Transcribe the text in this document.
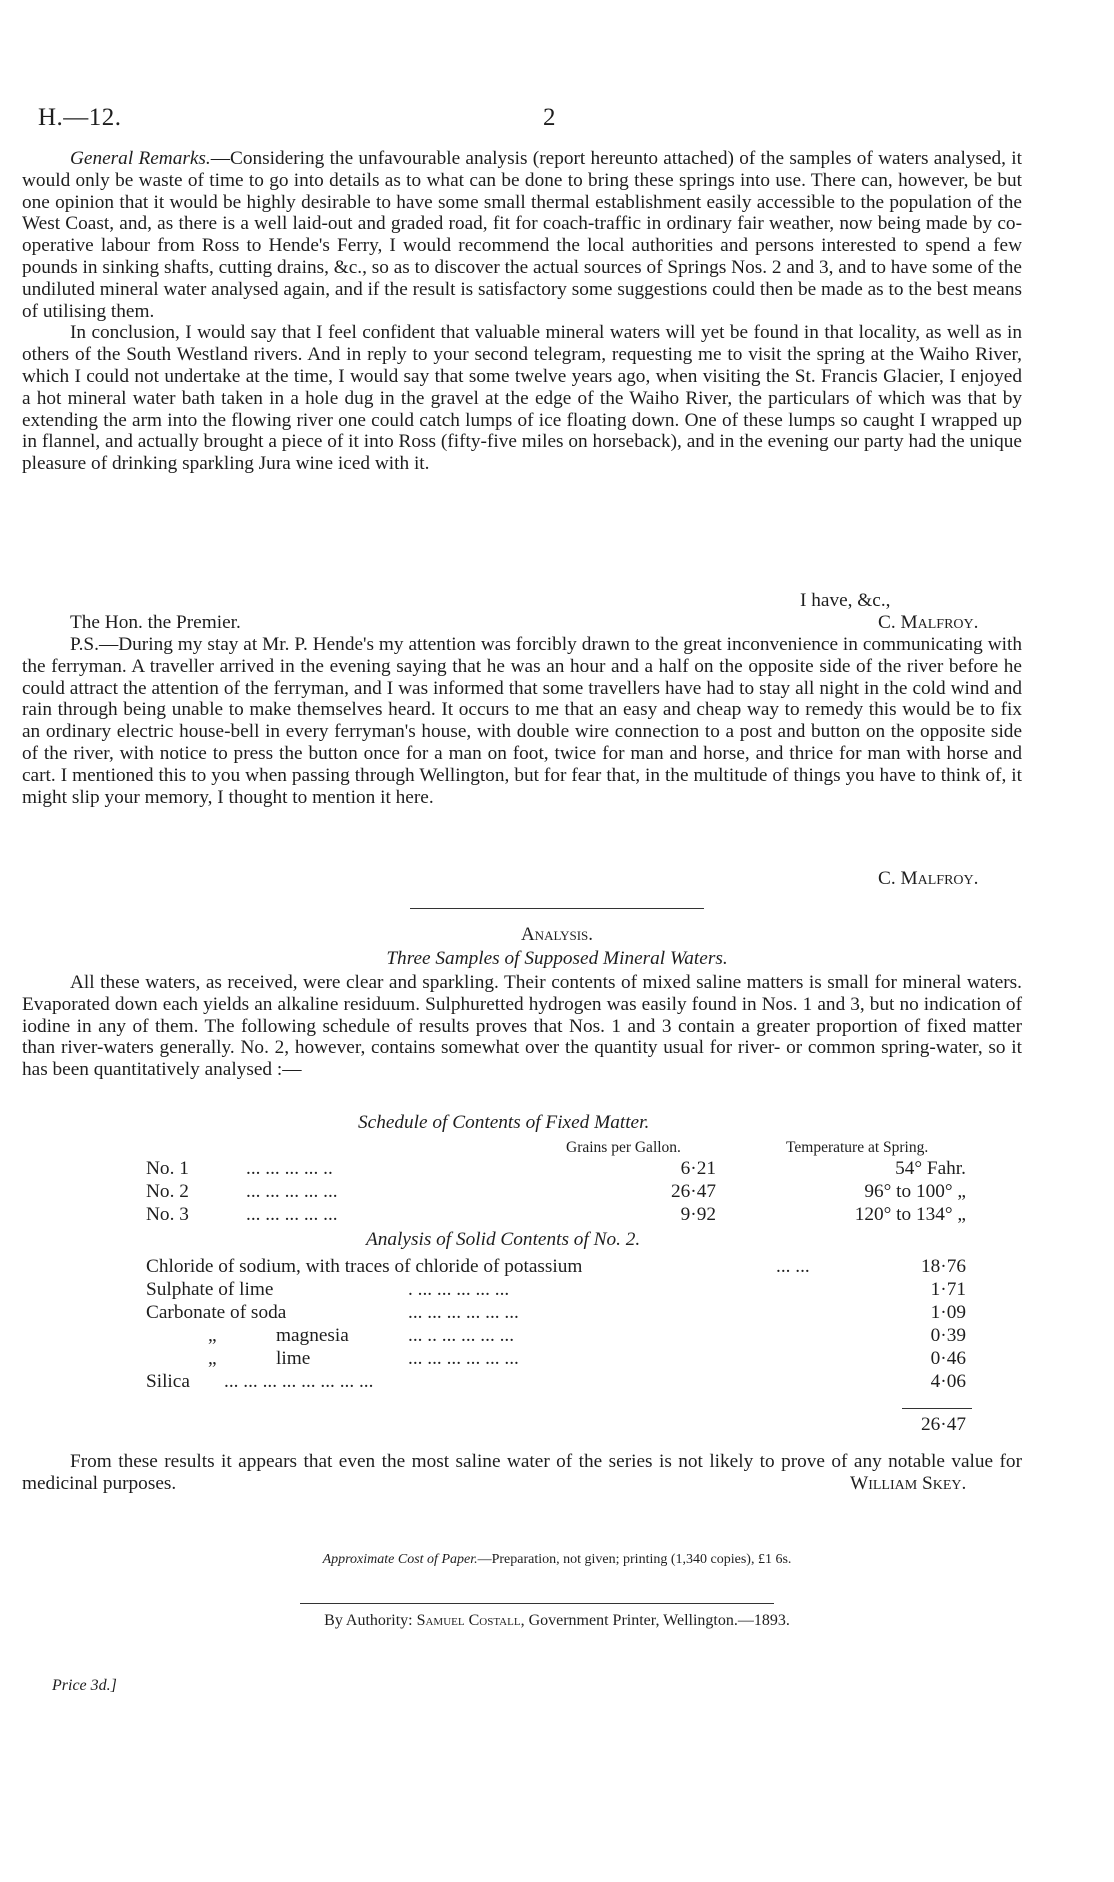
H.—12.	2

General Remarks.—Considering the unfavourable analysis (report hereunto attached) of the samples of waters analysed, it would only be waste of time to go into details as to what can be done to bring these springs into use. There can, however, be but one opinion that it would be highly desirable to have some small thermal establishment easily accessible to the population of the West Coast, and, as there is a well laid-out and graded road, fit for coach-traffic in ordinary fair weather, now being made by co-operative labour from Ross to Hende's Ferry, I would recommend the local authorities and persons interested to spend a few pounds in sinking shafts, cutting drains, &c., so as to discover the actual sources of Springs Nos. 2 and 3, and to have some of the undiluted mineral water analysed again, and if the result is satisfactory some suggestions could then be made as to the best means of utilising them.

In conclusion, I would say that I feel confident that valuable mineral waters will yet be found in that locality, as well as in others of the South Westland rivers. And in reply to your second telegram, requesting me to visit the spring at the Waiho River, which I could not undertake at the time, I would say that some twelve years ago, when visiting the St. Francis Glacier, I enjoyed a hot mineral water bath taken in a hole dug in the gravel at the edge of the Waiho River, the particulars of which was that by extending the arm into the flowing river one could catch lumps of ice floating down. One of these lumps so caught I wrapped up in flannel, and actually brought a piece of it into Ross (fifty-five miles on horseback), and in the evening our party had the unique pleasure of drinking sparkling Jura wine iced with it.

I have, &c.,
The Hon. the Premier.	C. Malfroy.

P.S.—During my stay at Mr. P. Hende's my attention was forcibly drawn to the great inconvenience in communicating with the ferryman. A traveller arrived in the evening saying that he was an hour and a half on the opposite side of the river before he could attract the attention of the ferryman, and I was informed that some travellers have had to stay all night in the cold wind and rain through being unable to make themselves heard. It occurs to me that an easy and cheap way to remedy this would be to fix an ordinary electric house-bell in every ferryman's house, with double wire connection to a post and button on the opposite side of the river, with notice to press the button once for a man on foot, twice for man and horse, and thrice for man with horse and cart. I mentioned this to you when passing through Wellington, but for fear that, in the multitude of things you have to think of, it might slip your memory, I thought to mention it here.

C. Malfroy.
Analysis.
Three Samples of Supposed Mineral Waters.

All these waters, as received, were clear and sparkling. Their contents of mixed saline matters is small for mineral waters. Evaporated down each yields an alkaline residuum. Sulphuretted hydrogen was easily found in Nos. 1 and 3, but no indication of iodine in any of them. The following schedule of results proves that Nos. 1 and 3 contain a greater proportion of fixed matter than river-waters generally. No. 2, however, contains somewhat over the quantity usual for river- or common spring-water, so it has been quantitatively analysed :—

Schedule of Contents of Fixed Matter.
Grains per Gallon.	Temperature at Spring.
No. 1	... ... ... ... ..	6·21	54° Fahr.
No. 2	... ... ... ... ...	26·47	96° to 100° „
No. 3	... ... ... ... ...	9·92	120° to 134° „
Analysis of Solid Contents of No. 2.
Chloride of sodium, with traces of chloride of potassium	... ...	18·76
Sulphate of lime	. ... ... ... ... ...	1·71
Carbonate of soda	... ... ... ... ... ...	1·09
„	magnesia	... .. ... ... ... ...	0·39
„	lime	... ... ... ... ... ...	0·46
Silica ... ... ... ... ... ... ... ...	4·06
26·47

From these results it appears that even the most saline water of the series is not likely to prove of any notable value for medicinal purposes.	William Skey.
Approximate Cost of Paper.—Preparation, not given; printing (1,340 copies), £1 6s.
By Authority: Samuel Costall, Government Printer, Wellington.—1893.
Price 3d.]
